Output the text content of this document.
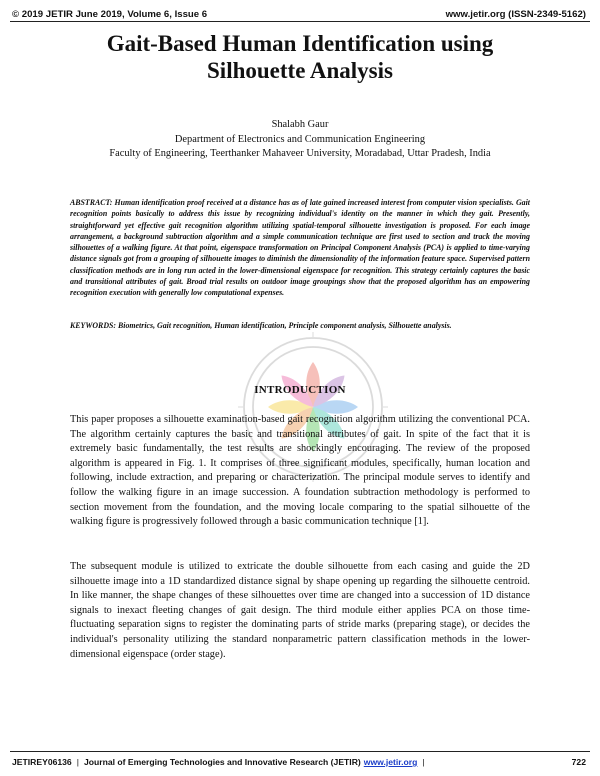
© 2019 JETIR June 2019, Volume 6, Issue 6	www.jetir.org (ISSN-2349-5162)
Gait-Based Human Identification using
Silhouette Analysis
Shalabh Gaur
Department of Electronics and Communication Engineering
Faculty of Engineering, Teerthanker Mahaveer University, Moradabad, Uttar Pradesh, India
ABSTRACT: Human identification proof received at a distance has as of late gained increased interest from computer vision specialists. Gait recognition points basically to address this issue by recognizing individual's identity on the manner in which they gait. Presently, straightforward yet effective gait recognition algorithm utilizing spatial-temporal silhouette investigation is proposed. For each image arrangement, a background subtraction algorithm and a simple communication technique are first used to section and track the moving silhouettes of a walking figure. At that point, eigenspace transformation on Principal Component Analysis (PCA) is applied to time-varying distance signals got from a grouping of silhouette images to diminish the dimensionality of the information feature space. Supervised pattern classification methods are in long run acted in the lower-dimensional eigenspace for recognition. This strategy certainly captures the basic and transitional attributes of gait. Broad trial results on outdoor image groupings show that the proposed algorithm has an empowering recognition execution with generally low computational expenses.
KEYWORDS: Biometrics, Gait recognition, Human identification, Principle component analysis, Silhouette analysis.
INTRODUCTION
This paper proposes a silhouette examination-based gait recognition algorithm utilizing the conventional PCA. The algorithm certainly captures the basic and transitional attributes of gait. In spite of the fact that it is extremely basic fundamentally, the test results are shockingly encouraging. The review of the proposed algorithm is appeared in Fig. 1. It comprises of three significant modules, specifically, human location and following, include extraction, and preparing or characterization. The principal module serves to identify and follow the walking figure in an image succession. A foundation subtraction methodology is performed to section movement from the foundation, and the moving locale comparing to the spatial silhouette of the walking figure is progressively followed through a basic communication technique [1].
The subsequent module is utilized to extricate the double silhouette from each casing and guide the 2D silhouette image into a 1D standardized distance signal by shape opening up regarding the silhouette centroid. In like manner, the shape changes of these silhouettes over time are changed into a succession of 1D distance signals to inexact fleeting changes of gait design. The third module either applies PCA on those time-fluctuating separation signs to register the dominating parts of stride marks (preparing stage), or decides the individual's personality utilizing the standard nonparametric pattern classification methods in the lower-dimensional eigenspace (order stage).
JETIREY06136 | Journal of Emerging Technologies and Innovative Research (JETIR) www.jetir.org |	722
